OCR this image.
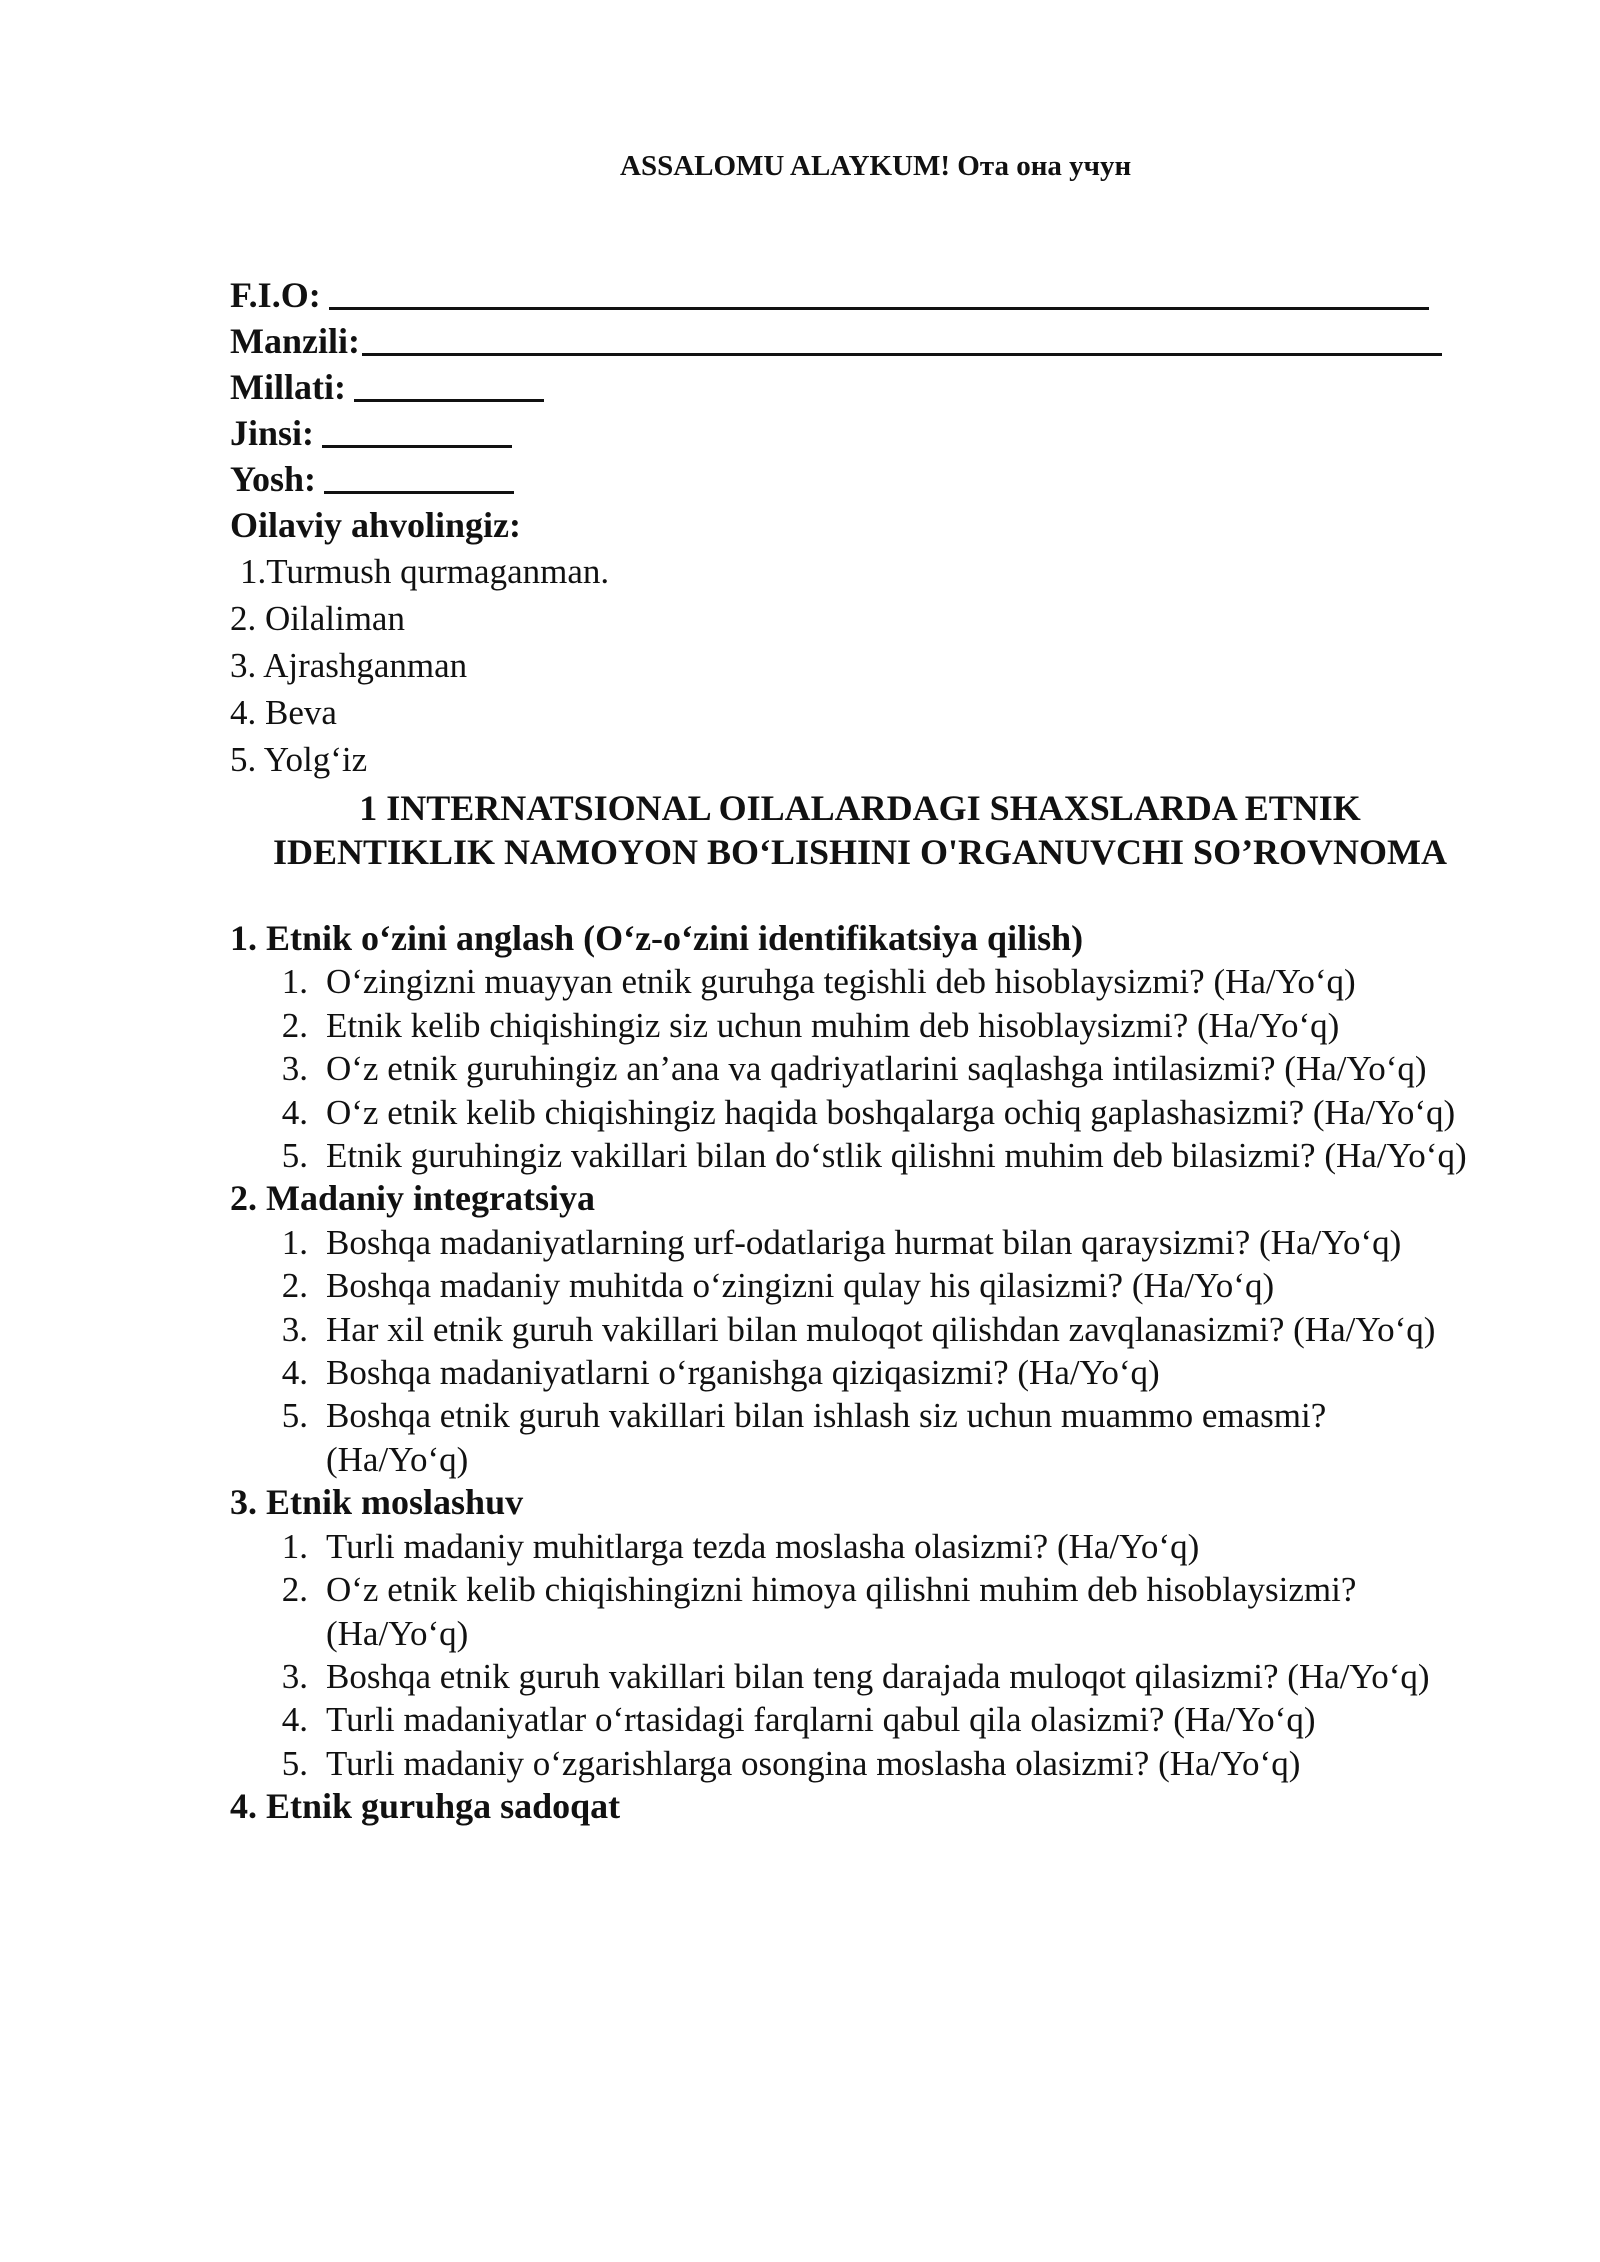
ASSALOMU ALAYKUM! Ота она учун
F.I.O:
Manzili:
Millati:
Jinsi:
Yosh:
Oilaviy ahvolingiz:
1.Turmush qurmaganman.
2. Oilaliman
3. Ajrashganman
4. Beva
5. Yolg‘iz
1 INTERNATSIONAL OILALARDAGI SHAXSLARDA ETNIK
IDENTIKLIK NAMOYON BO‘LISHINI O'RGANUVCHI SO’ROVNOMA
1. Etnik o‘zini anglash (O‘z-o‘zini identifikatsiya qilish)
1. O‘zingizni muayyan etnik guruhga tegishli deb hisoblaysizmi? (Ha/Yo‘q)
2. Etnik kelib chiqishingiz siz uchun muhim deb hisoblaysizmi? (Ha/Yo‘q)
3. O‘z etnik guruhingiz an’ana va qadriyatlarini saqlashga intilasizmi? (Ha/Yo‘q)
4. O‘z etnik kelib chiqishingiz haqida boshqalarga ochiq gaplashasizmi? (Ha/Yo‘q)
5. Etnik guruhingiz vakillari bilan do‘stlik qilishni muhim deb bilasizmi? (Ha/Yo‘q)
2. Madaniy integratsiya
1. Boshqa madaniyatlarning urf-odatlariga hurmat bilan qaraysizmi? (Ha/Yo‘q)
2. Boshqa madaniy muhitda o‘zingizni qulay his qilasizmi? (Ha/Yo‘q)
3. Har xil etnik guruh vakillari bilan muloqot qilishdan zavqlanasizmi? (Ha/Yo‘q)
4. Boshqa madaniyatlarni o‘rganishga qiziqasizmi? (Ha/Yo‘q)
5. Boshqa etnik guruh vakillari bilan ishlash siz uchun muammo emasmi? (Ha/Yo‘q)
3. Etnik moslashuv
1. Turli madaniy muhitlarga tezda moslasha olasizmi? (Ha/Yo‘q)
2. O‘z etnik kelib chiqishingizni himoya qilishni muhim deb hisoblaysizmi? (Ha/Yo‘q)
3. Boshqa etnik guruh vakillari bilan teng darajada muloqot qilasizmi? (Ha/Yo‘q)
4. Turli madaniyatlar o‘rtasidagi farqlarni qabul qila olasizmi? (Ha/Yo‘q)
5. Turli madaniy o‘zgarishlarga osongina moslasha olasizmi? (Ha/Yo‘q)
4. Etnik guruhga sadoqat
